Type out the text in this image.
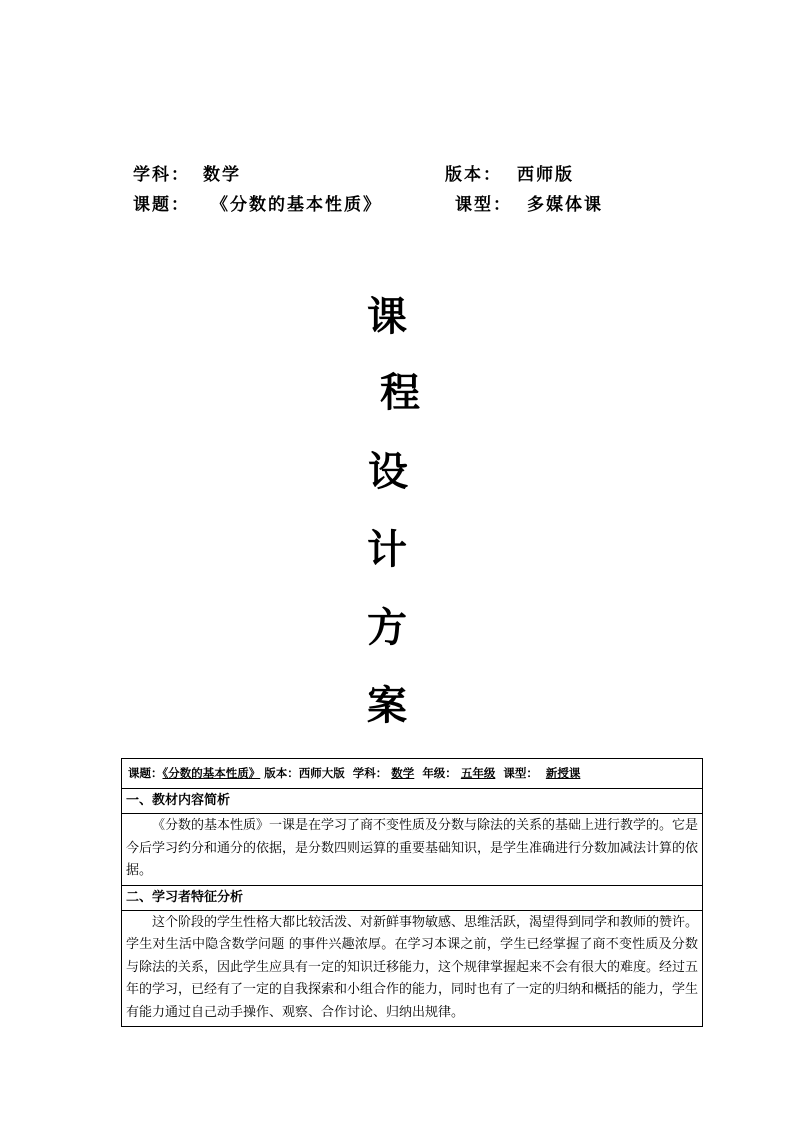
学科： 数学	版本： 西师版
课题： 《分数的基本性质》	课型： 多媒体课
课
程
设
计
方
案
课题：《分数的基本性质》 版本：西师大版 学科： 数学 年级： 五年级 课型： 新授课
一、教材内容简析
《分数的基本性质》一课是在学习了商不变性质及分数与除法的关系的基础上进行教学的。它是今后学习约分和通分的依据，是分数四则运算的重要基础知识，是学生准确进行分数加减法计算的依据。
二、学习者特征分析
这个阶段的学生性格大都比较活泼、对新鲜事物敏感、思维活跃，渴望得到同学和教师的赞许。学生对生活中隐含数学问题 的事件兴趣浓厚。在学习本课之前，学生已经掌握了商不变性质及分数与除法的关系，因此学生应具有一定的知识迁移能力，这个规律掌握起来不会有很大的难度。经过五年的学习，已经有了一定的自我探索和小组合作的能力，同时也有了一定的归纳和概括的能力，学生有能力通过自己动手操作、观察、合作讨论、归纳出规律。
